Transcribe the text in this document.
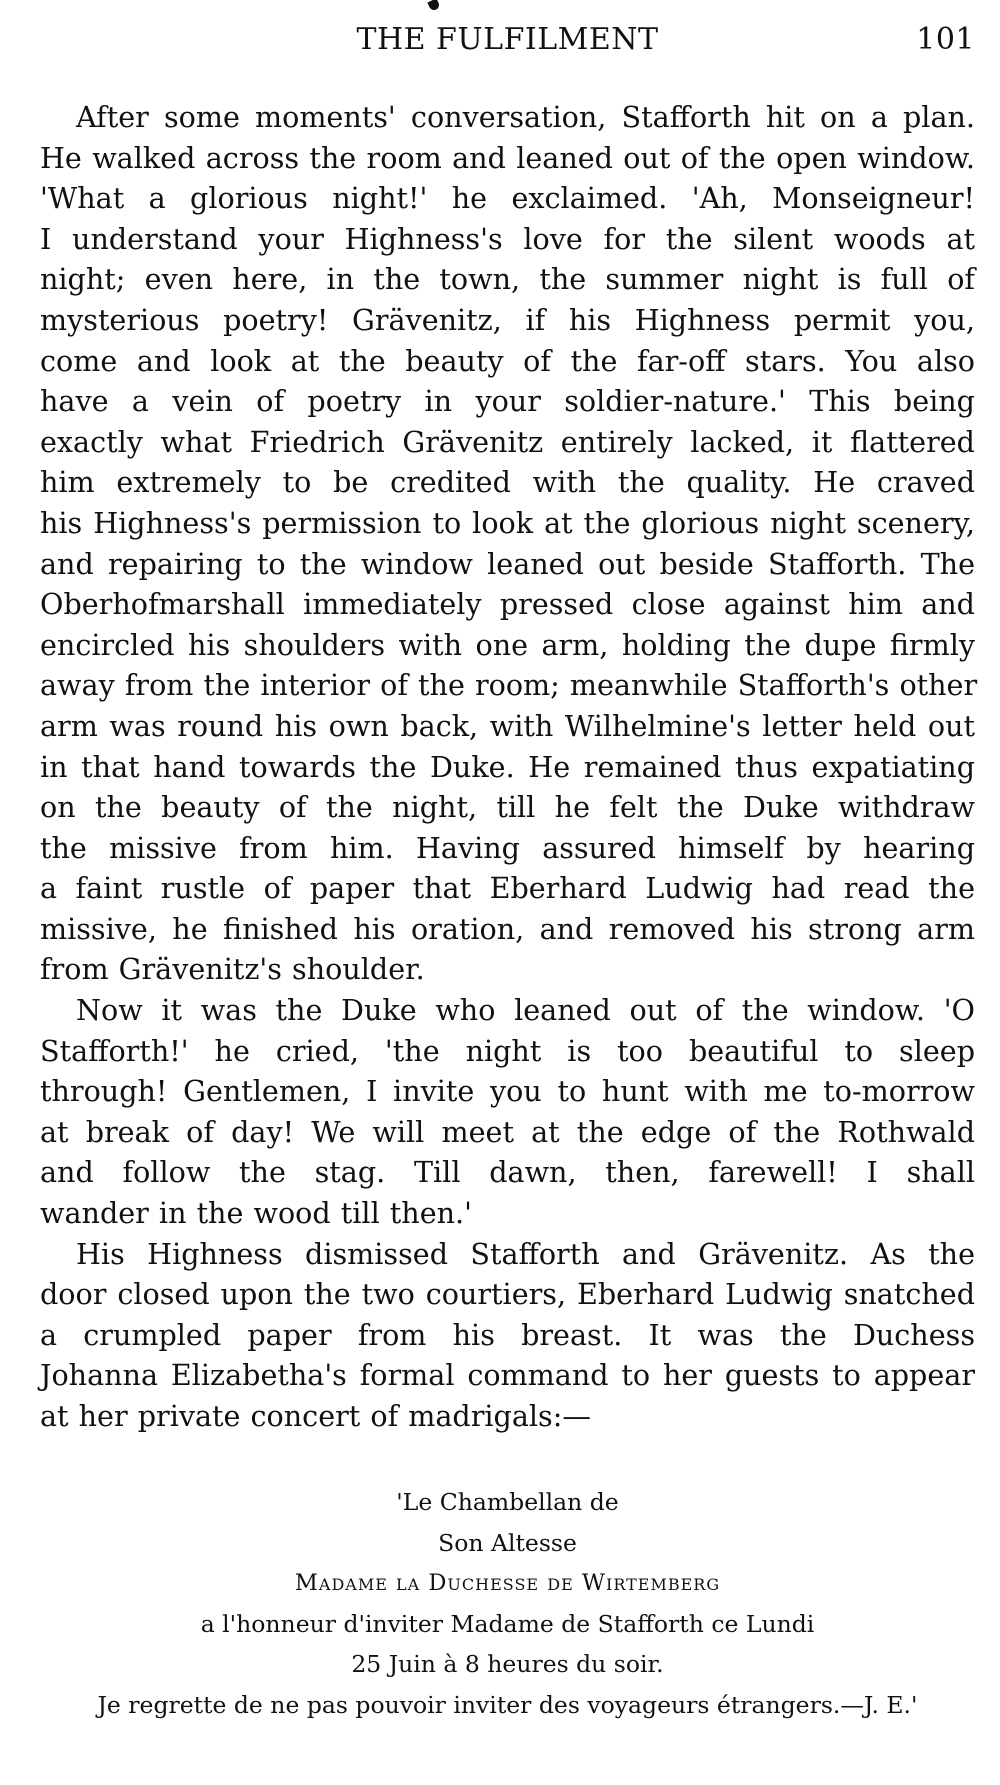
THE FULFILMENT	101
After some moments' conversation, Stafforth hit on a plan.
He walked across the room and leaned out of the open window.
'What a glorious night!' he exclaimed. 'Ah, Monseigneur!
I understand your Highness's love for the silent woods at
night; even here, in the town, the summer night is full of
mysterious poetry! Grävenitz, if his Highness permit you,
come and look at the beauty of the far-off stars. You also
have a vein of poetry in your soldier-nature.' This being
exactly what Friedrich Grävenitz entirely lacked, it flattered
him extremely to be credited with the quality. He craved
his Highness's permission to look at the glorious night scenery,
and repairing to the window leaned out beside Stafforth. The
Oberhofmarshall immediately pressed close against him and
encircled his shoulders with one arm, holding the dupe firmly
away from the interior of the room; meanwhile Stafforth's other
arm was round his own back, with Wilhelmine's letter held out
in that hand towards the Duke. He remained thus expatiating
on the beauty of the night, till he felt the Duke withdraw
the missive from him. Having assured himself by hearing
a faint rustle of paper that Eberhard Ludwig had read the
missive, he finished his oration, and removed his strong arm
from Grävenitz's shoulder.
Now it was the Duke who leaned out of the window. 'O
Stafforth!' he cried, 'the night is too beautiful to sleep
through! Gentlemen, I invite you to hunt with me to-morrow
at break of day! We will meet at the edge of the Rothwald
and follow the stag. Till dawn, then, farewell! I shall
wander in the wood till then.'
His Highness dismissed Stafforth and Grävenitz. As the
door closed upon the two courtiers, Eberhard Ludwig snatched
a crumpled paper from his breast. It was the Duchess
Johanna Elizabetha's formal command to her guests to appear
at her private concert of madrigals:—
'Le Chambellan de
Son Altesse
Madame la Duchesse de Wirtemberg
a l'honneur d'inviter Madame de Stafforth ce Lundi
25 Juin à 8 heures du soir.
Je regrette de ne pas pouvoir inviter des voyageurs étrangers.—J. E.'
